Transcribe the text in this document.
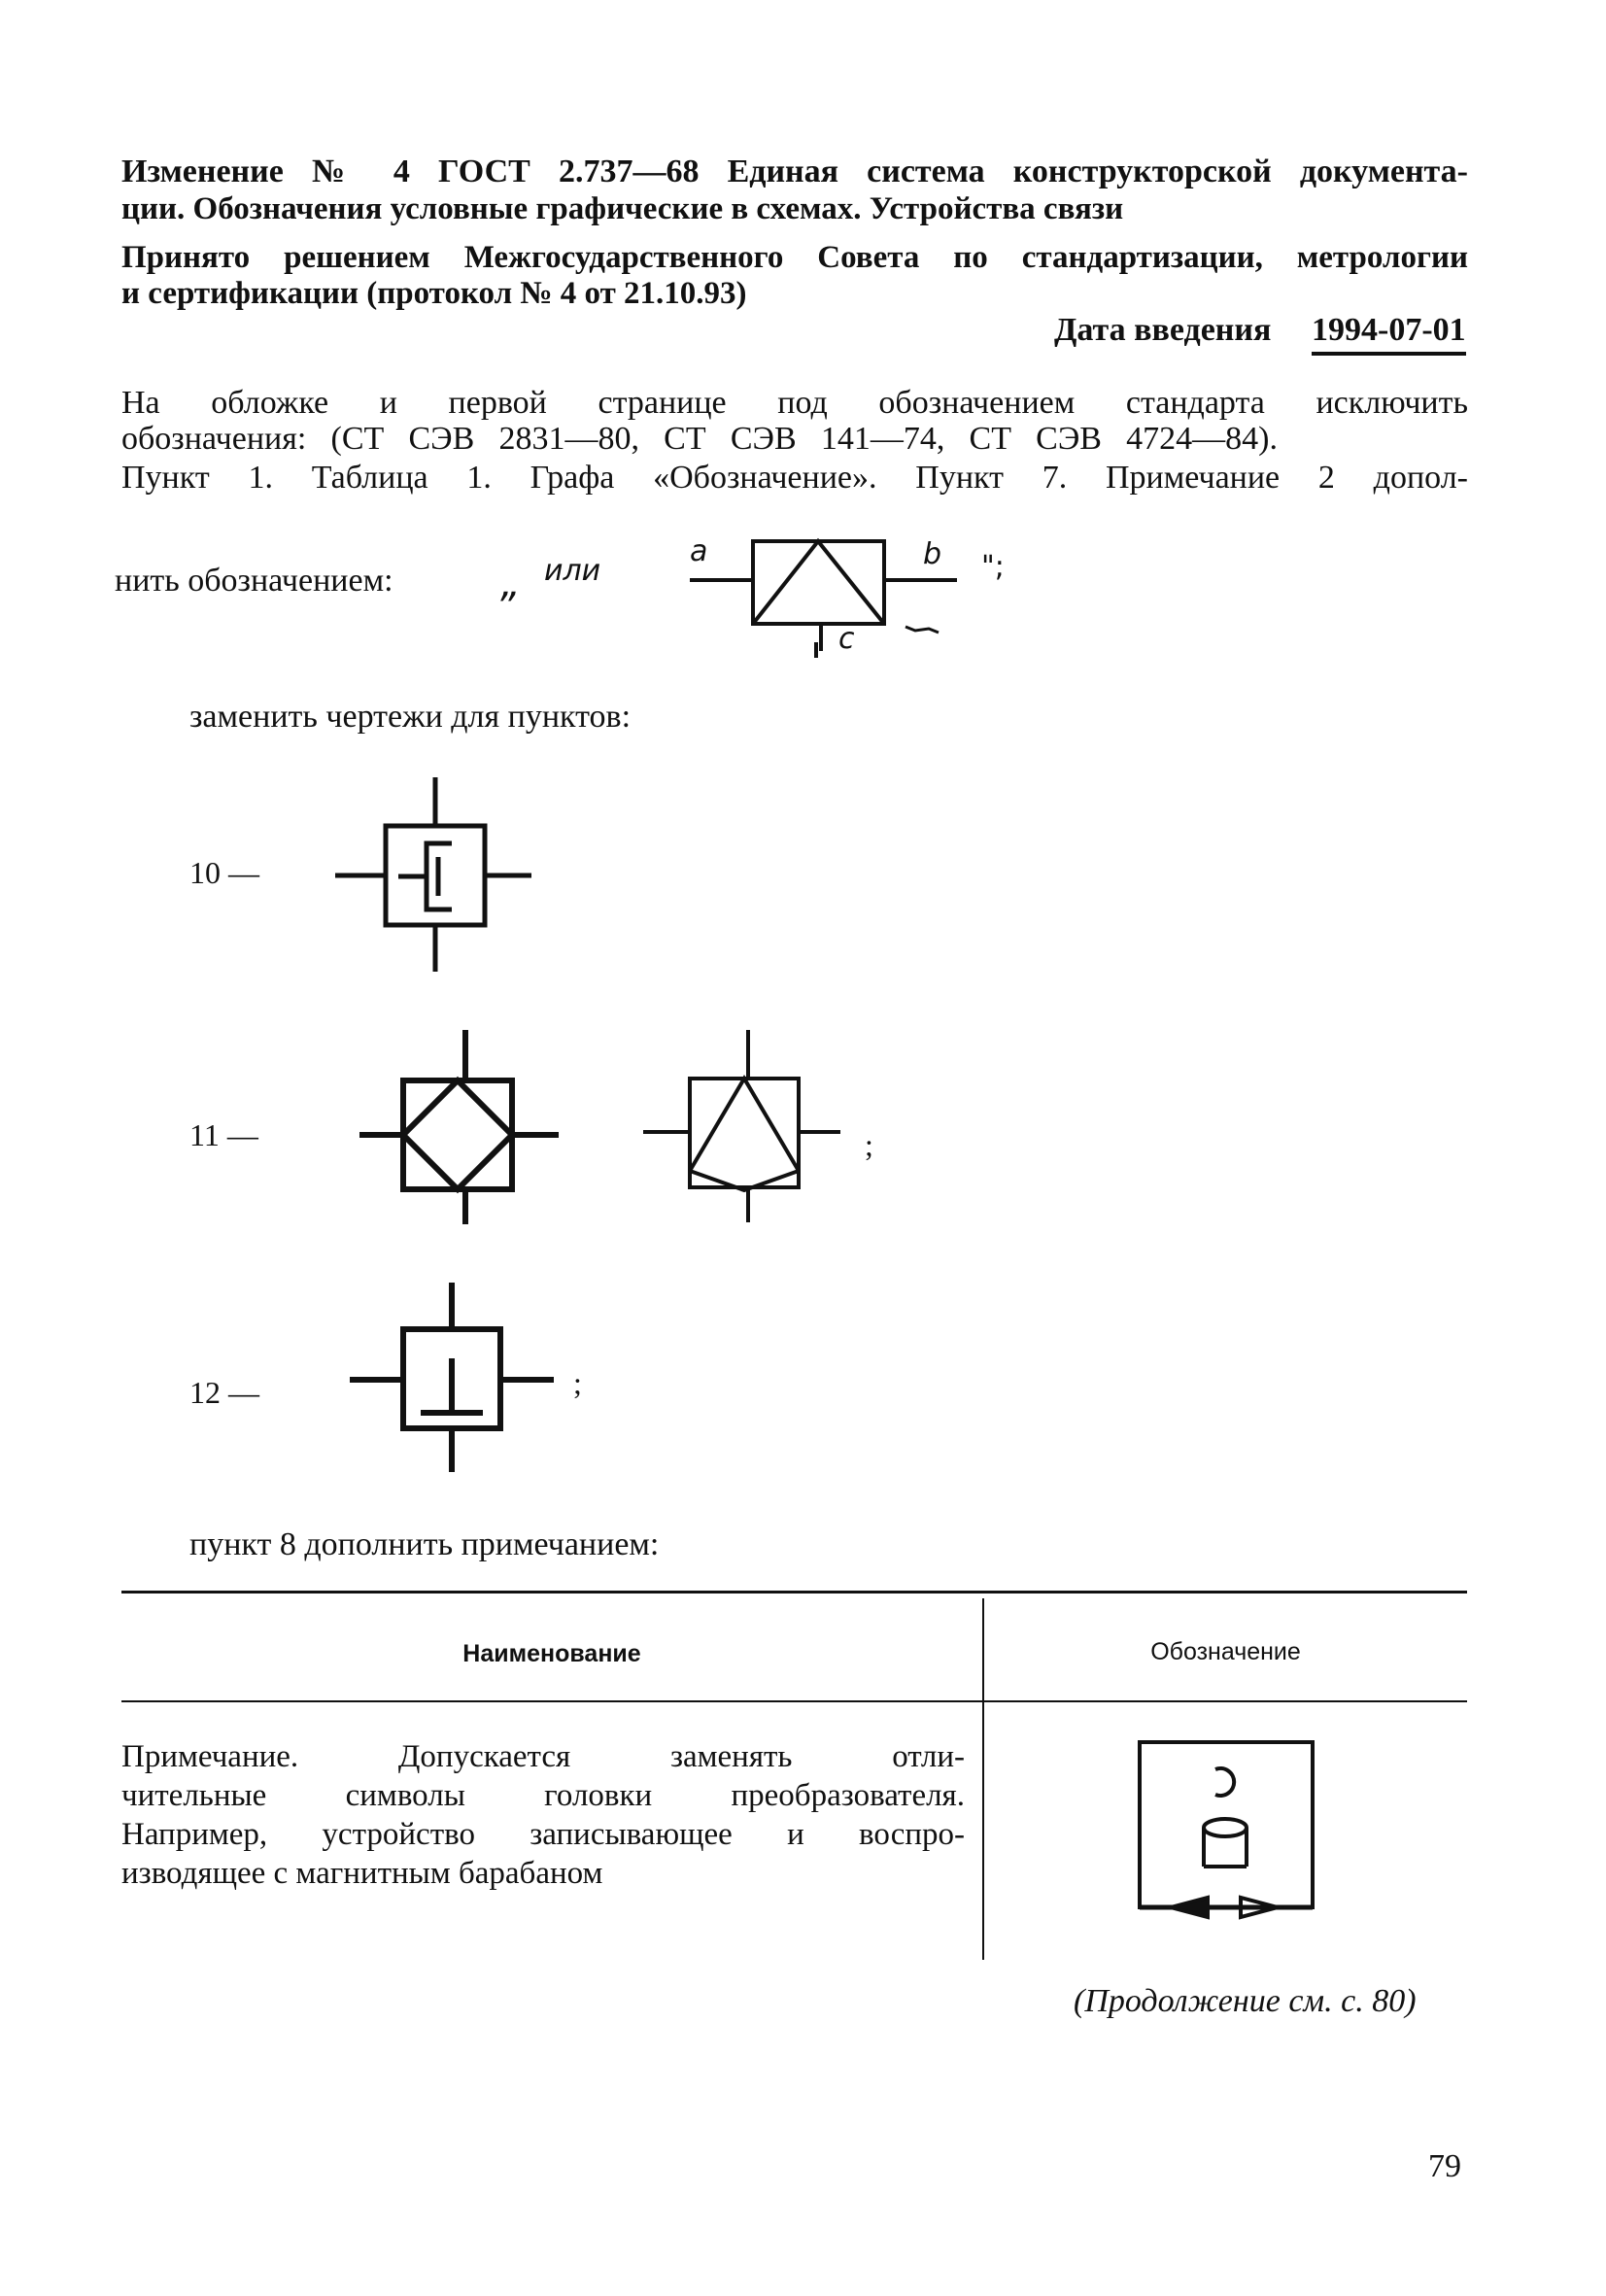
Изменение № 4 ГОСТ 2.737—68 Единая система конструкторской документа-
ции. Обозначения условные графические в схемах. Устройства связи
Принято решением Межгосударственного Совета по стандартизации, метрологии
и сертификации (протокол № 4 от 21.10.93)
Дата введения 1994-07-01
На обложке и первой странице под обозначением стандарта исключить
обозначения: (СТ СЭВ 2831—80, СТ СЭВ 141—74, СТ СЭВ 4724—84).
Пункт 1. Таблица 1. Графа «Обозначение». Пункт 7. Примечание 2 допол-
нить обозначением:	„ или
a	b
c
";
заменить чертежи для пунктов:
10 —
11 —	;
12 —	;
пункт 8 дополнить примечанием:
Наименование	Обозначение

Примечание. Допускается заменять отли-

чительные символы головки преобразователя.

Например, устройство записывающее и воспро-

изводящее с магнитным барабаном

(Продолжение см. с. 80)
79
